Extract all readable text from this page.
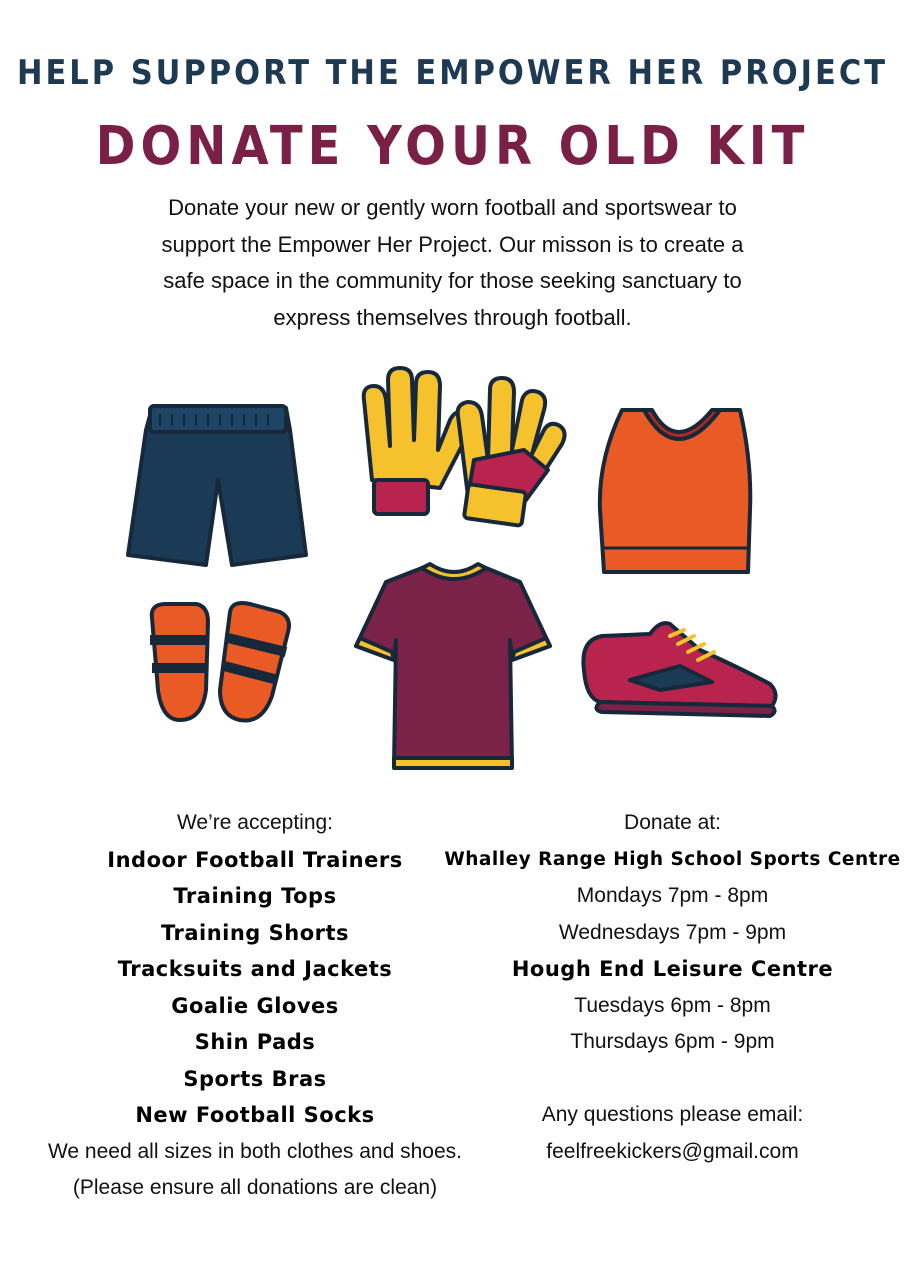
HELP SUPPORT THE EMPOWER HER PROJECT
DONATE YOUR OLD KIT
Donate your new or gently worn football and sportswear to
support the Empower Her Project. Our misson is to create a
safe space in the community for those seeking sanctuary to
express themselves through football.
We’re accepting:
Indoor Football Trainers
Training Tops
Training Shorts
Tracksuits and Jackets
Goalie Gloves
Shin Pads
Sports Bras
New Football Socks
We need all sizes in both clothes and shoes.
(Please ensure all donations are clean)
Donate at:
Whalley Range High School Sports Centre
Mondays 7pm - 8pm
Wednesdays 7pm - 9pm
Hough End Leisure Centre
Tuesdays 6pm - 8pm
Thursdays 6pm - 9pm
Any questions please email:
feelfreekickers@gmail.com
